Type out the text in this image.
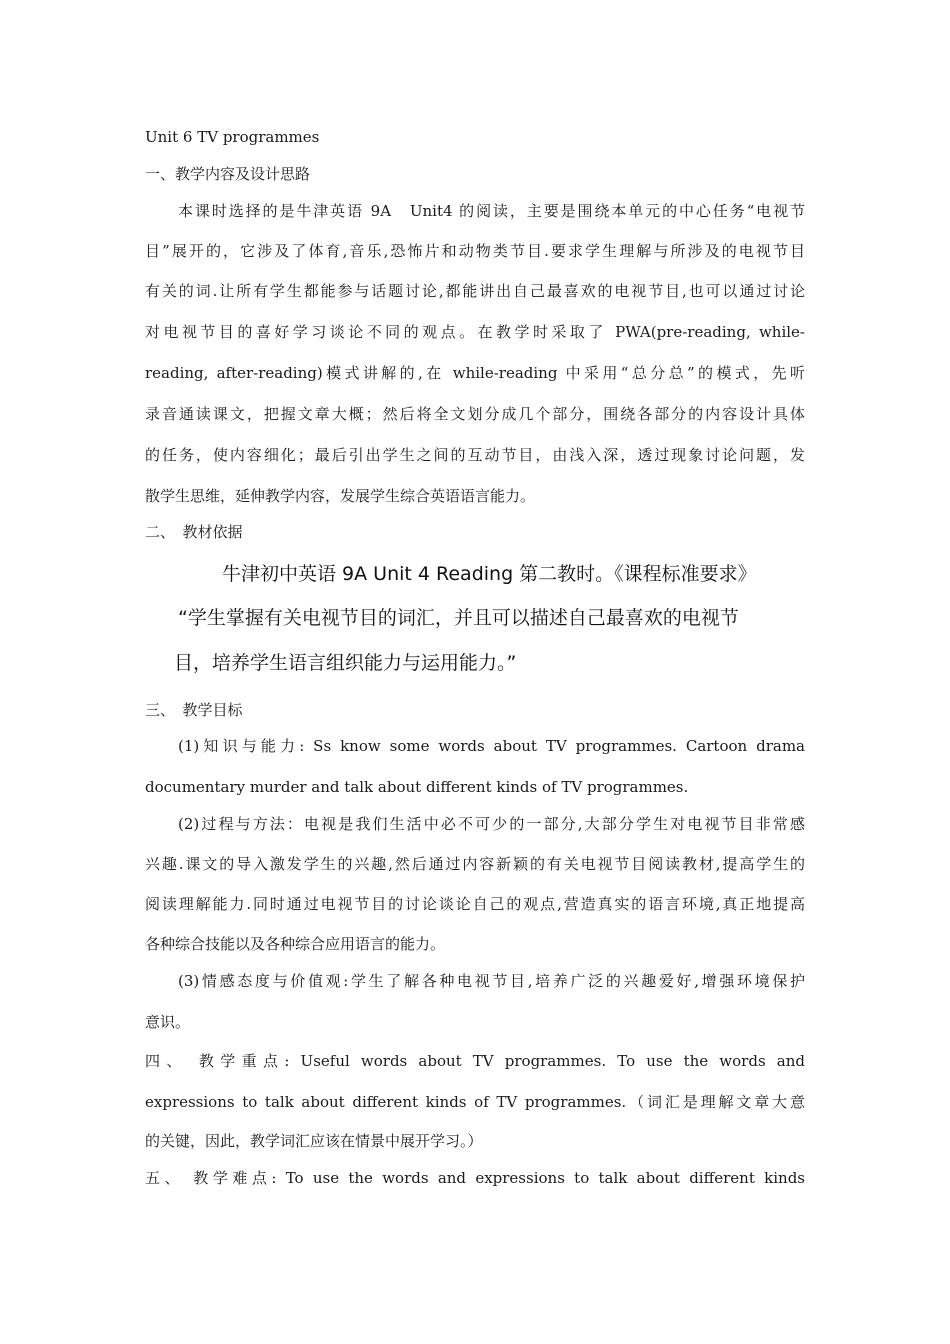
Unit 6 TV programmes
一、教学内容及设计思路
本课时选择的是牛津英语 9A　Unit4 的阅读，主要是围绕本单元的中心任务“电视节
目”展开的，它涉及了体育,音乐,恐怖片和动物类节目.要求学生理解与所涉及的电视节目
有关的词.让所有学生都能参与话题讨论,都能讲出自己最喜欢的电视节目,也可以通过讨论
对电视节目的喜好学习谈论不同的观点。在教学时采取了 PWA(pre-reading, while-
reading, after-reading)模式讲解的,在 while-reading 中采用“总分总”的模式，先听
录音通读课文，把握文章大概；然后将全文划分成几个部分，围绕各部分的内容设计具体
的任务，使内容细化；最后引出学生之间的互动节目，由浅入深，透过现象讨论问题，发
散学生思维，延伸教学内容，发展学生综合英语语言能力。
二、　教材依据
牛津初中英语 9A Unit 4 Reading 第二教时。《课程标准要求》
“学生掌握有关电视节目的词汇，并且可以描述自己最喜欢的电视节
目，培养学生语言组织能力与运用能力。”
三、　教学目标
(1)知识与能力: Ss know some words about TV programmes. Cartoon drama
documentary murder and talk about different kinds of TV programmes.
(2)过程与方法：电视是我们生活中必不可少的一部分,大部分学生对电视节目非常感
兴趣.课文的导入激发学生的兴趣,然后通过内容新颖的有关电视节目阅读教材,提高学生的
阅读理解能力.同时通过电视节目的讨论谈论自己的观点,营造真实的语言环境,真正地提高
各种综合技能以及各种综合应用语言的能力。
(3)情感态度与价值观:学生了解各种电视节目,培养广泛的兴趣爱好,增强环境保护
意识。
四、 教学重点: Useful words about TV programmes. To use the words and
expressions to talk about different kinds of TV programmes.（词汇是理解文章大意
的关键，因此，教学词汇应该在情景中展开学习。）
五、 教学难点: To use the words and expressions to talk about different kinds
